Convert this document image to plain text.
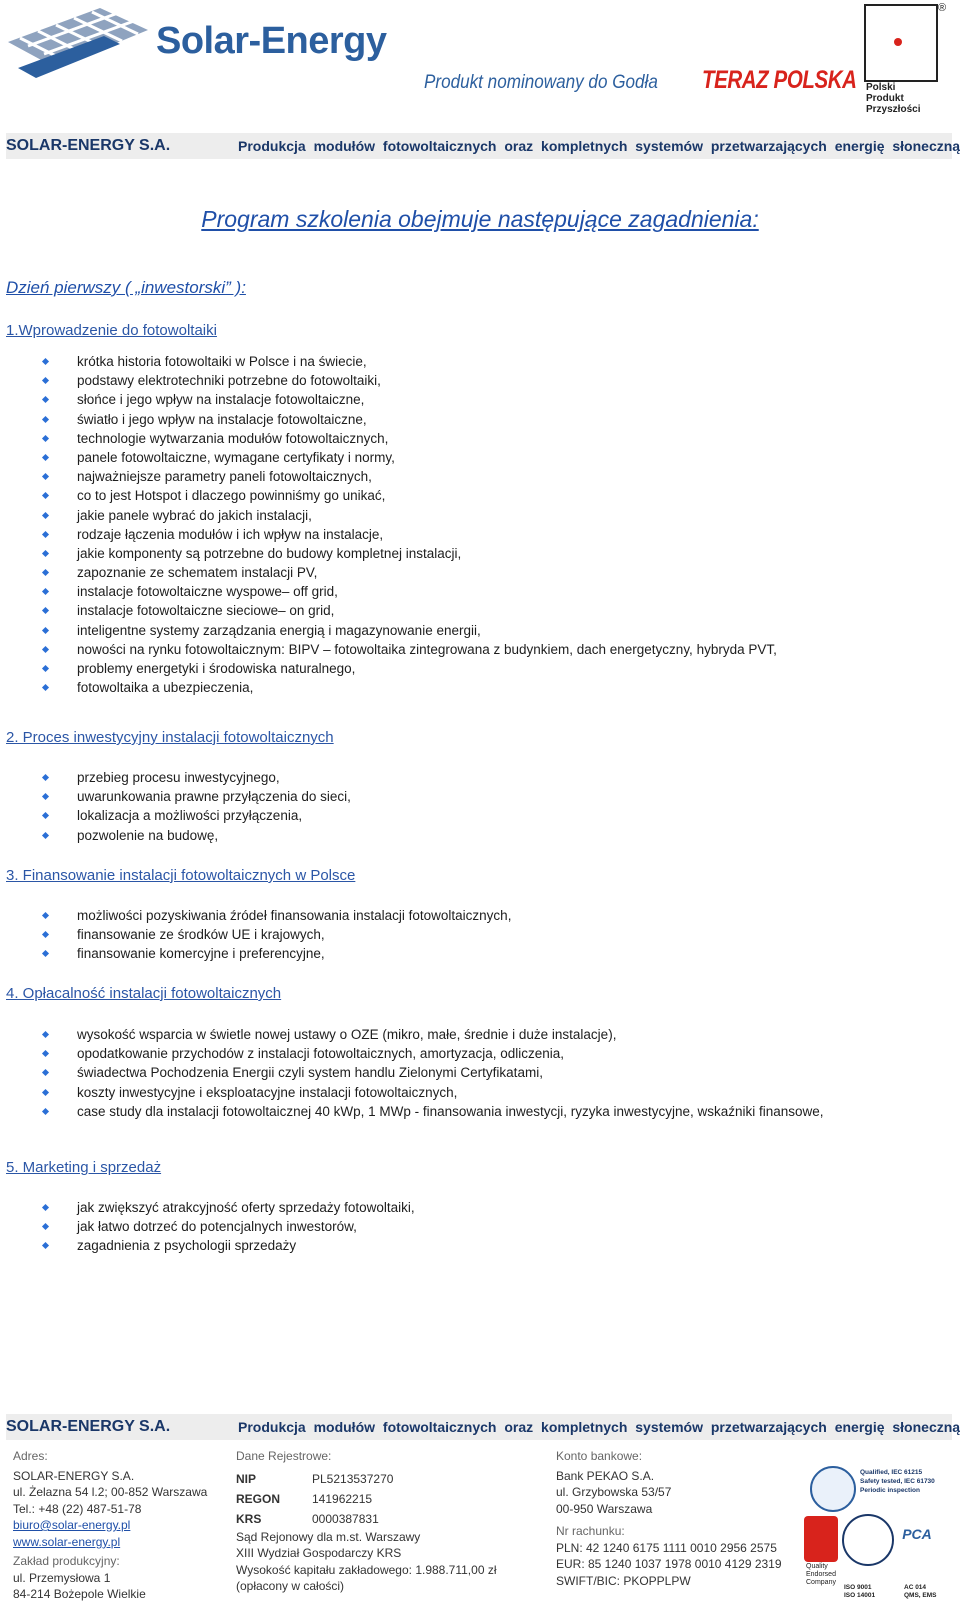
Solar-Energy
Produkt nominowany do Godła TERAZ POLSKA
®
Polski
Produkt
Przyszłości
SOLAR-ENERGY S.A.	Produkcja modułów fotowoltaicznych oraz kompletnych systemów przetwarzających energię słoneczną
Program szkolenia obejmuje następujące zagadnienia:
Dzień pierwszy ( „inwestorski” ):
1.Wprowadzenie do fotowoltaiki
krótka historia fotowoltaiki w Polsce i na świecie,
podstawy elektrotechniki potrzebne do fotowoltaiki,
słońce i jego wpływ na instalacje fotowoltaiczne,
światło i jego wpływ na instalacje fotowoltaiczne,
technologie wytwarzania modułów fotowoltaicznych,
panele fotowoltaiczne, wymagane certyfikaty i normy,
najważniejsze parametry paneli fotowoltaicznych,
co to jest Hotspot i dlaczego powinniśmy go unikać,
jakie panele wybrać do jakich instalacji,
rodzaje łączenia modułów i ich wpływ na instalacje,
jakie komponenty są potrzebne do budowy kompletnej instalacji,
zapoznanie ze schematem instalacji PV,
instalacje fotowoltaiczne wyspowe– off grid,
instalacje fotowoltaiczne sieciowe– on grid,
inteligentne systemy zarządzania energią i magazynowanie energii,
nowości na rynku fotowoltaicznym: BIPV – fotowoltaika zintegrowana z budynkiem, dach energetyczny, hybryda PVT,
problemy energetyki i środowiska naturalnego,
fotowoltaika a ubezpieczenia,
2. Proces inwestycyjny instalacji fotowoltaicznych
przebieg procesu inwestycyjnego,
uwarunkowania prawne przyłączenia do sieci,
lokalizacja a możliwości przyłączenia,
pozwolenie na budowę,
3. Finansowanie instalacji fotowoltaicznych w Polsce
możliwości pozyskiwania źródeł finansowania instalacji fotowoltaicznych,
finansowanie ze środków UE i krajowych,
finansowanie komercyjne i preferencyjne,
4. Opłacalność instalacji fotowoltaicznych
wysokość wsparcia w świetle nowej ustawy o OZE (mikro, małe, średnie i duże instalacje),
opodatkowanie przychodów z instalacji fotowoltaicznych, amortyzacja, odliczenia,
świadectwa Pochodzenia Energii czyli system handlu Zielonymi Certyfikatami,
koszty inwestycyjne i eksploatacyjne instalacji fotowoltaicznych,
case study dla instalacji fotowoltaicznej 40 kWp, 1 MWp - finansowania inwestycji, ryzyka inwestycyjne, wskaźniki finansowe,
5. Marketing i sprzedaż
jak zwiększyć atrakcyjność oferty sprzedaży fotowoltaiki,
jak łatwo dotrzeć do potencjalnych inwestorów,
zagadnienia z psychologii sprzedaży
SOLAR-ENERGY S.A.	Produkcja modułów fotowoltaicznych oraz kompletnych systemów przetwarzających energię słoneczną
Adres:
SOLAR-ENERGY S.A.
ul. Żelazna 54 l.2; 00-852 Warszawa
Tel.: +48 (22) 487-51-78
biuro@solar-energy.pl
www.solar-energy.pl
Zakład produkcyjny:
ul. Przemysłowa 1
84-214 Bożepole Wielkie
Dane Rejestrowe:
NIP	PL5213537270
REGON	141962215
KRS	0000387831
Sąd Rejonowy dla m.st. Warszawy
XIII Wydział Gospodarczy KRS
Wysokość kapitału zakładowego: 1.988.711,00 zł
(opłacony w całości)
Konto bankowe:
Bank PEKAO S.A.
ul. Grzybowska 53/57
00-950 Warszawa
Nr rachunku:
PLN: 42 1240 6175 1111 0010 2956 2575
EUR: 85 1240 1037 1978 0010 4129 2319
SWIFT/BIC: PKOPPLPW
Qualified, IEC 61215
Safety tested, IEC 61730
Periodic inspection
Quality
Endorsed
Company
ISO 9001
ISO 14001
PCA
AC 014
QMS, EMS
